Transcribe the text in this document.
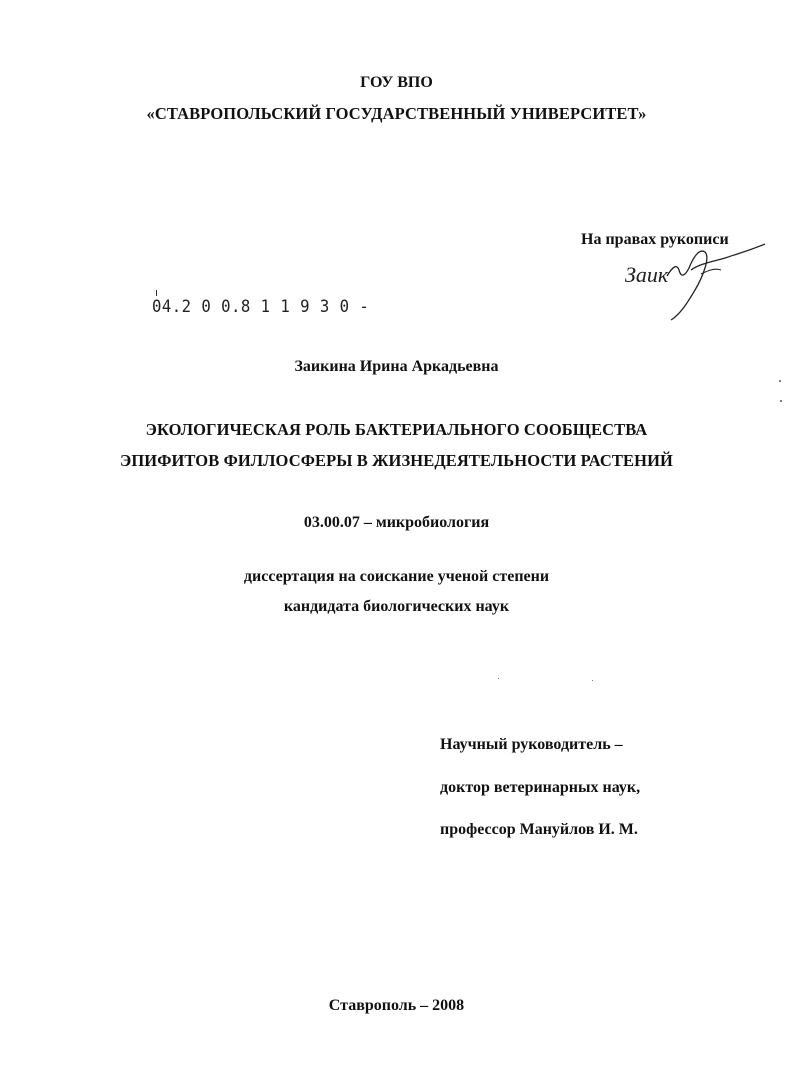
ГОУ ВПО
«СТАВРОПОЛЬСКИЙ ГОСУДАРСТВЕННЫЙ УНИВЕРСИТЕТ»
На правах рукописи
Заик
04.2 0 0.8 1 1 9 3 0 -
Заикина Ирина Аркадьевна
ЭКОЛОГИЧЕСКАЯ РОЛЬ БАКТЕРИАЛЬНОГО СООБЩЕСТВА
ЭПИФИТОВ ФИЛЛОСФЕРЫ В ЖИЗНЕДЕЯТЕЛЬНОСТИ РАСТЕНИЙ
03.00.07 – микробиология
диссертация на соискание ученой степени
кандидата биологических наук
Научный руководитель –
доктор ветеринарных наук,
профессор Мануйлов И. М.
Ставрополь – 2008
